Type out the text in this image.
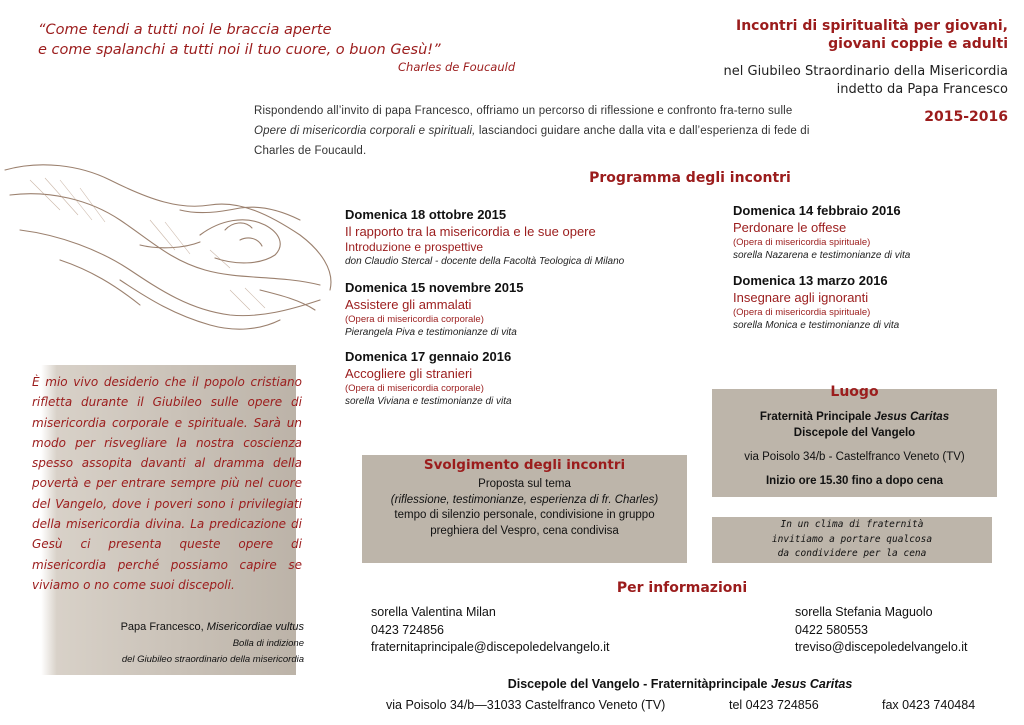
“Come tendi a tutti noi le braccia aperte
e come spalanchi a tutti noi il tuo cuore, o buon Gesù!”
Charles de Foucauld
Incontri di spiritualità per giovani,
giovani coppie e adulti
nel Giubileo Straordinario della Misericordia
indetto da Papa Francesco
2015-2016
Rispondendo all’invito di papa Francesco, offriamo un percorso di riflessione e confronto fra-terno sulle Opere di misericordia corporali e spirituali, lasciandoci guidare anche dalla vita e dall’esperienza di fede di Charles de Foucauld.
Programma degli incontri
Domenica 18 ottobre 2015
Il rapporto tra la misericordia e le sue opere
Introduzione e prospettive
don Claudio Stercal - docente della Facoltà Teologica di Milano
Domenica 15 novembre 2015
Assistere gli ammalati
(Opera di misericordia corporale)
Pierangela Piva e testimonianze di vita
Domenica 17 gennaio 2016
Accogliere gli stranieri
(Opera di misericordia corporale)
sorella Viviana e testimonianze di vita
Domenica 14 febbraio 2016
Perdonare le offese
(Opera di misericordia spirituale)
sorella Nazarena e testimonianze di vita
Domenica 13 marzo 2016
Insegnare agli ignoranti
(Opera di misericordia spirituale)
sorella Monica e testimonianze di vita
È mio vivo desiderio che il popolo cristiano rifletta durante il Giubileo sulle opere di misericordia corporale e spirituale. Sarà un modo per risvegliare la nostra coscienza spesso assopita davanti al dramma della povertà e per entrare sempre più nel cuore del Vangelo, dove i poveri sono i privilegiati della misericordia divina. La predicazione di Gesù ci presenta queste opere di misericordia perché possiamo capire se viviamo o no come suoi discepoli.
Papa Francesco, Misericordiae vultus
Bolla di indizione
del Giubileo straordinario della misericordia
Svolgimento degli incontri
Proposta sul tema
(riflessione, testimonianze, esperienza di fr. Charles)
tempo di silenzio personale, condivisione in gruppo
preghiera del Vespro, cena condivisa
Luogo
Fraternità Principale Jesus Caritas
Discepole del Vangelo
via Poisolo 34/b - Castelfranco Veneto (TV)
Inizio ore 15.30 fino a dopo cena
In un clima di fraternità
invitiamo a portare qualcosa
da condividere per la cena
Per informazioni
sorella Valentina Milan
0423 724856
fraternitaprincipale@discepoledelvangelo.it
sorella Stefania Maguolo
0422 580553
treviso@discepoledelvangelo.it
Discepole del Vangelo - Fraternitàprincipale Jesus Caritas
via Poisolo 34/b—31033 Castelfranco Veneto (TV)	tel 0423 724856	fax 0423 740484
